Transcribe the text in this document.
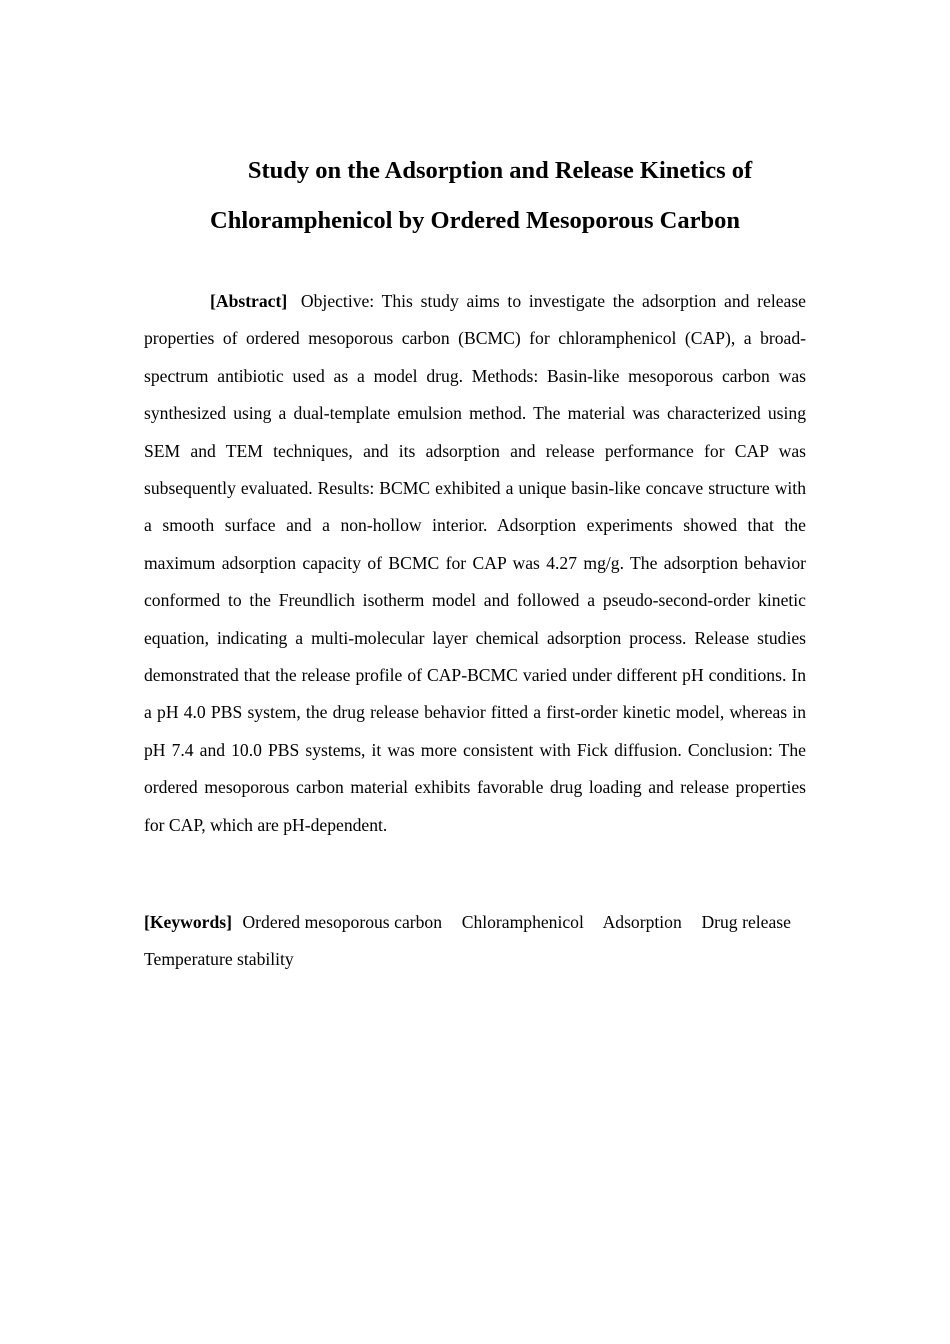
Study on the Adsorption and Release Kinetics of
Chloramphenicol by Ordered Mesoporous Carbon

[Abstract] Objective: This study aims to investigate the adsorption and release properties of ordered mesoporous carbon (BCMC) for chloramphenicol (CAP), a broad-spectrum antibiotic used as a model drug. Methods: Basin-like mesoporous carbon was synthesized using a dual-template emulsion method. The material was characterized using SEM and TEM techniques, and its adsorption and release performance for CAP was subsequently evaluated. Results: BCMC exhibited a unique basin-like concave structure with a smooth surface and a non-hollow interior. Adsorption experiments showed that the maximum adsorption capacity of BCMC for CAP was 4.27 mg/g. The adsorption behavior conformed to the Freundlich isotherm model and followed a pseudo-second-order kinetic equation, indicating a multi-molecular layer chemical adsorption process. Release studies demonstrated that the release profile of CAP-BCMC varied under different pH conditions. In a pH 4.0 PBS system, the drug release behavior fitted a first-order kinetic model, whereas in pH 7.4 and 10.0 PBS systems, it was more consistent with Fick diffusion. Conclusion: The ordered mesoporous carbon material exhibits favorable drug loading and release properties for CAP, which are pH-dependent.

[Keywords] Ordered mesoporous carbon Chloramphenicol Adsorption Drug release   Temperature stability
